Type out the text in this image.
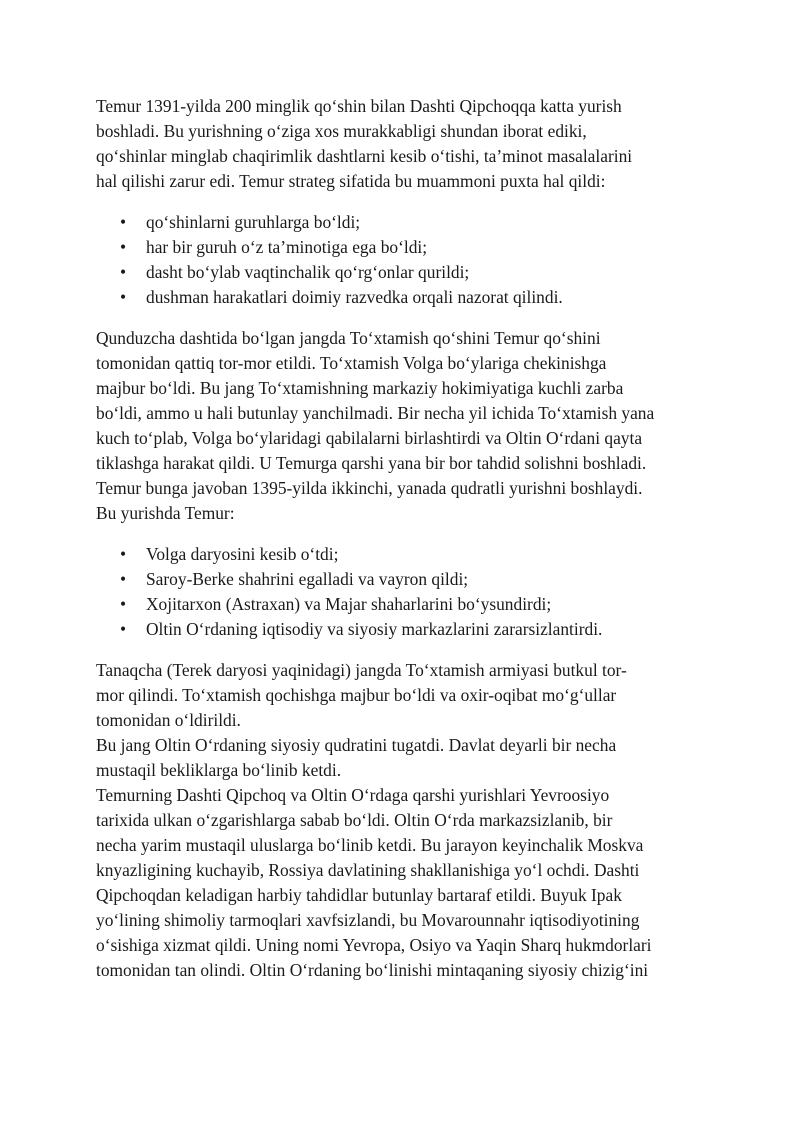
Temur 1391-yilda 200 minglik qo‘shin bilan Dashti Qipchoqqa katta yurish
boshladi. Bu yurishning o‘ziga xos murakkabligi shundan iborat ediki,
qo‘shinlar minglab chaqirimlik dashtlarni kesib o‘tishi, ta’minot masalalarini
hal qilishi zarur edi. Temur strateg sifatida bu muammoni puxta hal qildi:

• qo‘shinlarni guruhlarga bo‘ldi;
• har bir guruh o‘z ta’minotiga ega bo‘ldi;
• dasht bo‘ylab vaqtinchalik qo‘rg‘onlar qurildi;
• dushman harakatlari doimiy razvedka orqali nazorat qilindi.

Qunduzcha dashtida bo‘lgan jangda To‘xtamish qo‘shini Temur qo‘shini
tomonidan qattiq tor-mor etildi. To‘xtamish Volga bo‘ylariga chekinishga
majbur bo‘ldi. Bu jang To‘xtamishning markaziy hokimiyatiga kuchli zarba
bo‘ldi, ammo u hali butunlay yanchilmadi. Bir necha yil ichida To‘xtamish yana
kuch to‘plab, Volga bo‘ylaridagi qabilalarni birlashtirdi va Oltin O‘rdani qayta
tiklashga harakat qildi. U Temurga qarshi yana bir bor tahdid solishni boshladi.
Temur bunga javoban 1395-yilda ikkinchi, yanada qudratli yurishni boshlaydi.
Bu yurishda Temur:

• Volga daryosini kesib o‘tdi;
• Saroy-Berke shahrini egalladi va vayron qildi;
• Xojitarxon (Astraxan) va Majar shaharlarini bo‘ysundirdi;
• Oltin O‘rdaning iqtisodiy va siyosiy markazlarini zararsizlantirdi.

Tanaqcha (Terek daryosi yaqinidagi) jangda To‘xtamish armiyasi butkul tor-
mor qilindi. To‘xtamish qochishga majbur bo‘ldi va oxir-oqibat mo‘g‘ullar
tomonidan o‘ldirildi.
Bu jang Oltin O‘rdaning siyosiy qudratini tugatdi. Davlat deyarli bir necha
mustaqil bekliklarga bo‘linib ketdi.
Temurning Dashti Qipchoq va Oltin O‘rdaga qarshi yurishlari Yevroosiyo
tarixida ulkan o‘zgarishlarga sabab bo‘ldi. Oltin O‘rda markazsizlanib, bir
necha yarim mustaqil uluslarga bo‘linib ketdi. Bu jarayon keyinchalik Moskva
knyazligining kuchayib, Rossiya davlatining shakllanishiga yo‘l ochdi. Dashti
Qipchoqdan keladigan harbiy tahdidlar butunlay bartaraf etildi. Buyuk Ipak
yo‘lining shimoliy tarmoqlari xavfsizlandi, bu Movarounnahr iqtisodiyotining
o‘sishiga xizmat qildi. Uning nomi Yevropa, Osiyo va Yaqin Sharq hukmdorlari
tomonidan tan olindi. Oltin O‘rdaning bo‘linishi mintaqaning siyosiy chizig‘ini
